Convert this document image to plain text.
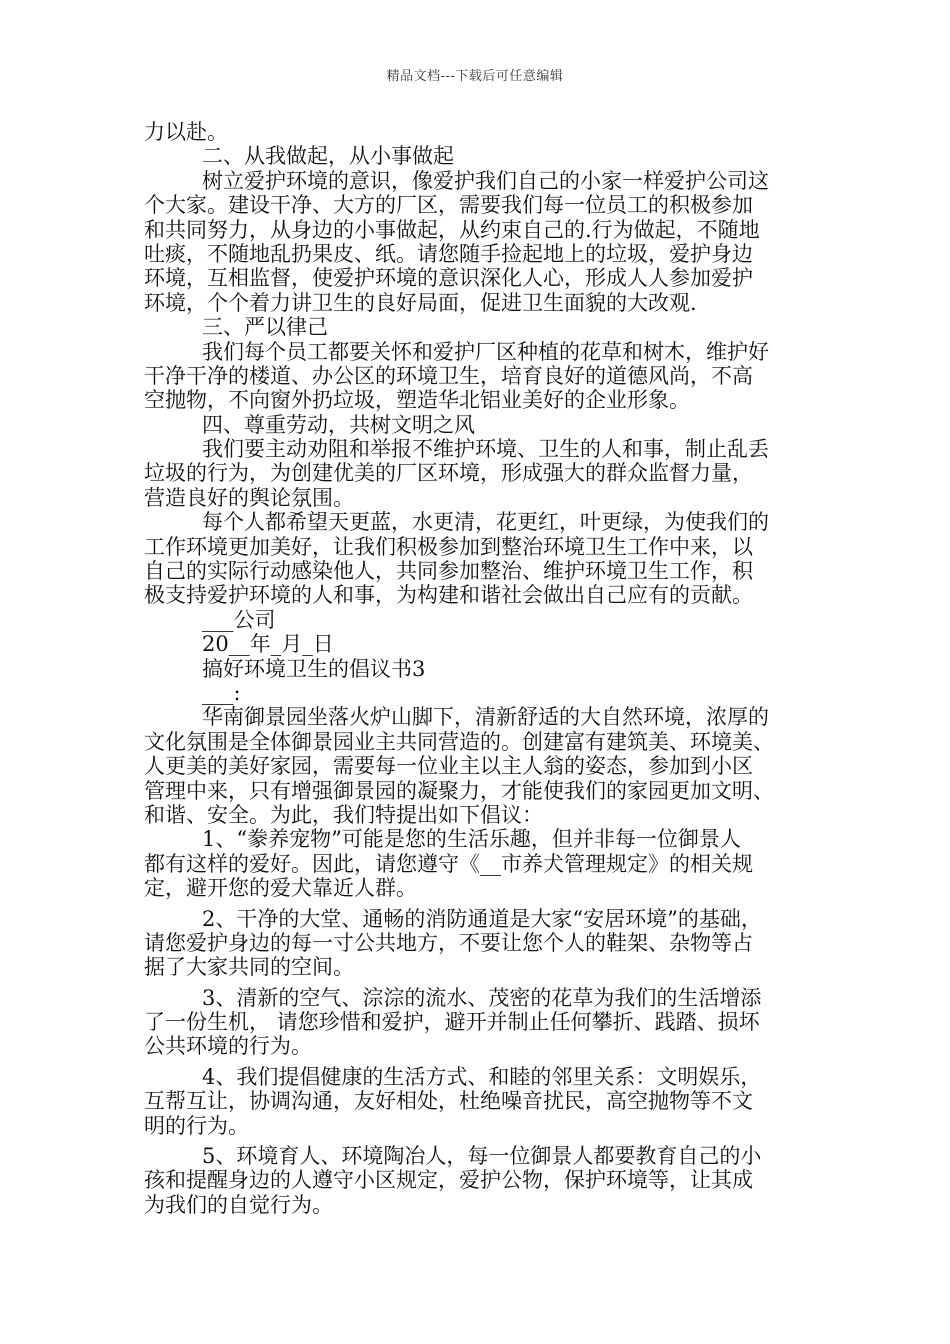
精品文档---下载后可任意编辑
力以赴。
二、从我做起，从小事做起
树立爱护环境的意识，像爱护我们自己的小家一样爱护公司这
个大家。建设干净、大方的厂区，需要我们每一位员工的积极参加
和共同努力，从身边的小事做起，从约束自己的.行为做起，不随地
吐痰，不随地乱扔果皮、纸。请您随手捡起地上的垃圾，爱护身边
环境，互相监督，使爱护环境的意识深化人心，形成人人参加爱护
环境，个个着力讲卫生的良好局面，促进卫生面貌的大改观.
三、严以律己
我们每个员工都要关怀和爱护厂区种植的花草和树木，维护好
干净干净的楼道、办公区的环境卫生，培育良好的道德风尚，不高
空抛物，不向窗外扔垃圾，塑造华北铝业美好的企业形象。
四、尊重劳动，共树文明之风
我们要主动劝阻和举报不维护环境、卫生的人和事，制止乱丢
垃圾的行为，为创建优美的厂区环境，形成强大的群众监督力量，
营造良好的舆论氛围。
每个人都希望天更蓝，水更清，花更红，叶更绿，为使我们的
工作环境更加美好，让我们积极参加到整治环境卫生工作中来，以
自己的实际行动感染他人，共同参加整治、维护环境卫生工作，积
极支持爱护环境的人和事，为构建和谐社会做出自己应有的贡献。
___公司
20__年_月_日
搞好环境卫生的倡议书3
___:
华南御景园坐落火炉山脚下，清新舒适的大自然环境，浓厚的
文化氛围是全体御景园业主共同营造的。创建富有建筑美、环境美、
人更美的美好家园，需要每一位业主以主人翁的姿态，参加到小区
管理中来，只有增强御景园的凝聚力，才能使我们的家园更加文明、
和谐、安全。为此，我们特提出如下倡议：
1、“豢养宠物”可能是您的生活乐趣，但并非每一位御景人
都有这样的爱好。因此，请您遵守《__市养犬管理规定》的相关规
定，避开您的爱犬靠近人群。
2、干净的大堂、通畅的消防通道是大家“安居环境”的基础，
请您爱护身边的每一寸公共地方，不要让您个人的鞋架、杂物等占
据了大家共同的空间。
3、清新的空气、淙淙的流水、茂密的花草为我们的生活增添
了一份生机， 请您珍惜和爱护，避开并制止任何攀折、践踏、损坏
公共环境的行为。
4、我们提倡健康的生活方式、和睦的邻里关系：文明娱乐，
互帮互让，协调沟通，友好相处，杜绝噪音扰民，高空抛物等不文
明的行为。
5、环境育人、环境陶冶人，每一位御景人都要教育自己的小
孩和提醒身边的人遵守小区规定，爱护公物，保护环境等，让其成
为我们的自觉行为。
